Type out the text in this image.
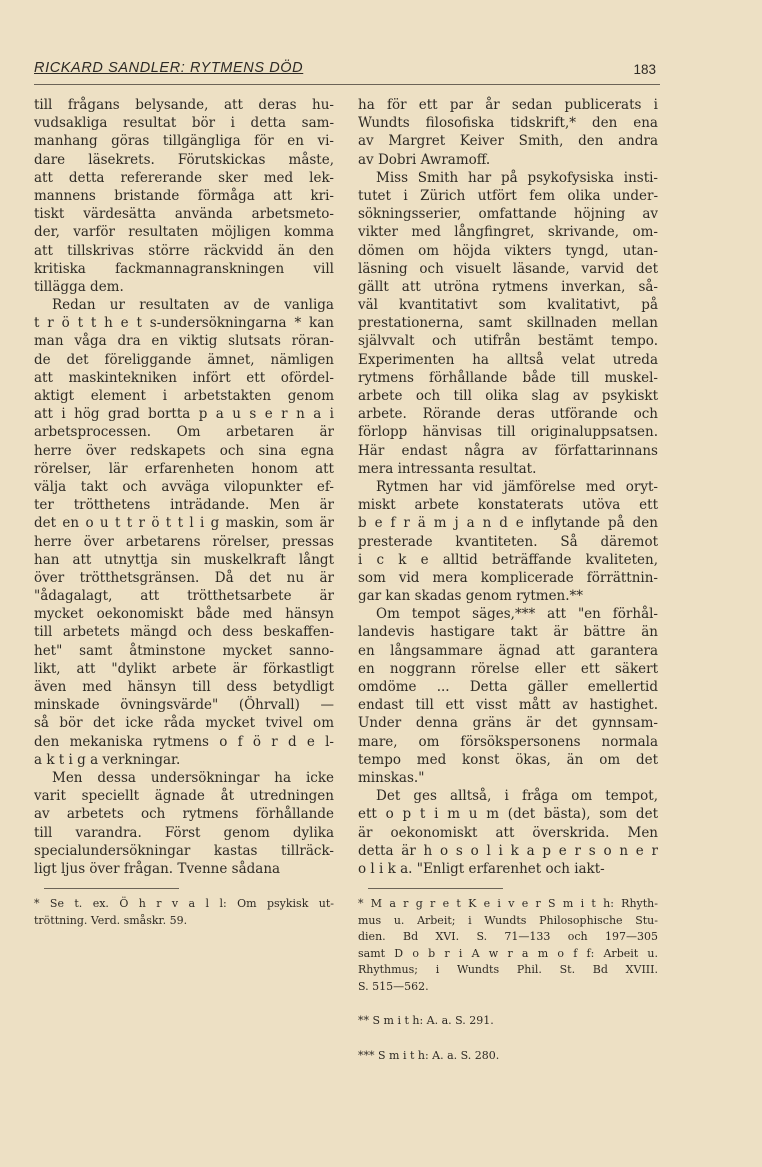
RICKARD SANDLER: RYTMENS DÖD	183
till frågans belysande, att deras hu-
vudsakliga resultat bör i detta sam-
manhang göras tillgängliga för en vi-
dare läsekrets. Förutskickas måste,
att detta refererande sker med lek-
mannens bristande förmåga att kri-
tiskt värdesätta använda arbetsmeto-
der, varför resultaten möjligen komma
att tillskrivas större räckvidd än den
kritiska fackmannagranskningen vill
tillägga dem.
Redan ur resultaten av de vanliga
t r ö t t h e t s-undersökningarna * kan
man våga dra en viktig slutsats röran-
de det föreliggande ämnet, nämligen
att maskintekniken infört ett ofördel-
aktigt element i arbetstakten genom
att i hög grad bortta p a u s e r n a i
arbetsprocessen. Om arbetaren är
herre över redskapets och sina egna
rörelser, lär erfarenheten honom att
välja takt och avväga vilopunkter ef-
ter trötthetens inträdande. Men är
det en o u t t r ö t t l i g maskin, som är
herre över arbetarens rörelser, pressas
han att utnyttja sin muskelkraft långt
över trötthetsgränsen. Då det nu är
"ådagalagt, att trötthetsarbete är
mycket oekonomiskt både med hänsyn
till arbetets mängd och dess beskaffen-
het" samt åtminstone mycket sanno-
likt, att "dylikt arbete är förkastligt
även med hänsyn till dess betydligt
minskade övningsvärde" (Öhrvall) —
så bör det icke råda mycket tvivel om
den mekaniska rytmens o f ö r d e l-
a k t i g a verkningar.
Men dessa undersökningar ha icke
varit speciellt ägnade åt utredningen
av arbetets och rytmens förhållande
till varandra. Först genom dylika
specialundersökningar kastas tillräck-
ligt ljus över frågan. Tvenne sådana
* Se t. ex. Ö h r v a l l: Om psykisk ut-
tröttning. Verd. småskr. 59.
ha för ett par år sedan publicerats i
Wundts filosofiska tidskrift,* den ena
av Margret Keiver Smith, den andra
av Dobri Awramoff.
Miss Smith har på psykofysiska insti-
tutet i Zürich utfört fem olika under-
sökningsserier, omfattande höjning av
vikter med långfingret, skrivande, om-
dömen om höjda vikters tyngd, utan-
läsning och visuelt läsande, varvid det
gällt att utröna rytmens inverkan, så-
väl kvantitativt som kvalitativt, på
prestationerna, samt skillnaden mellan
självvalt och utifrån bestämt tempo.
Experimenten ha alltså velat utreda
rytmens förhållande både till muskel-
arbete och till olika slag av psykiskt
arbete. Rörande deras utförande och
förlopp hänvisas till originaluppsatsen.
Här endast några av författarinnans
mera intressanta resultat.
Rytmen har vid jämförelse med oryt-
miskt arbete konstaterats utöva ett
b e f r ä m j a n d e inflytande på den
presterade kvantiteten. Så däremot
i c k e alltid beträffande kvaliteten,
som vid mera komplicerade förrättnin-
gar kan skadas genom rytmen.**
Om tempot säges,*** att "en förhål-
landevis hastigare takt är bättre än
en långsammare ägnad att garantera
en noggrann rörelse eller ett säkert
omdöme ... Detta gäller emellertid
endast till ett visst mått av hastighet.
Under denna gräns är det gynnsam-
mare, om försökspersonens normala
tempo med konst ökas, än om det
minskas."
Det ges alltså, i fråga om tempot,
ett o p t i m u m (det bästa), som det
är oekonomiskt att överskrida. Men
detta är h o s o l i k a p e r s o n e r
o l i k a. "Enligt erfarenhet och iakt-
* M a r g r e t K e i v e r S m i t h: Rhyth-
mus u. Arbeit; i Wundts Philosophische Stu-
dien. Bd XVI. S. 71—133 och 197—305
samt D o b r i A w r a m o f f: Arbeit u.
Rhythmus; i Wundts Phil. St. Bd XVIII.
S. 515—562.
** S m i t h: A. a. S. 291.
*** S m i t h: A. a. S. 280.
